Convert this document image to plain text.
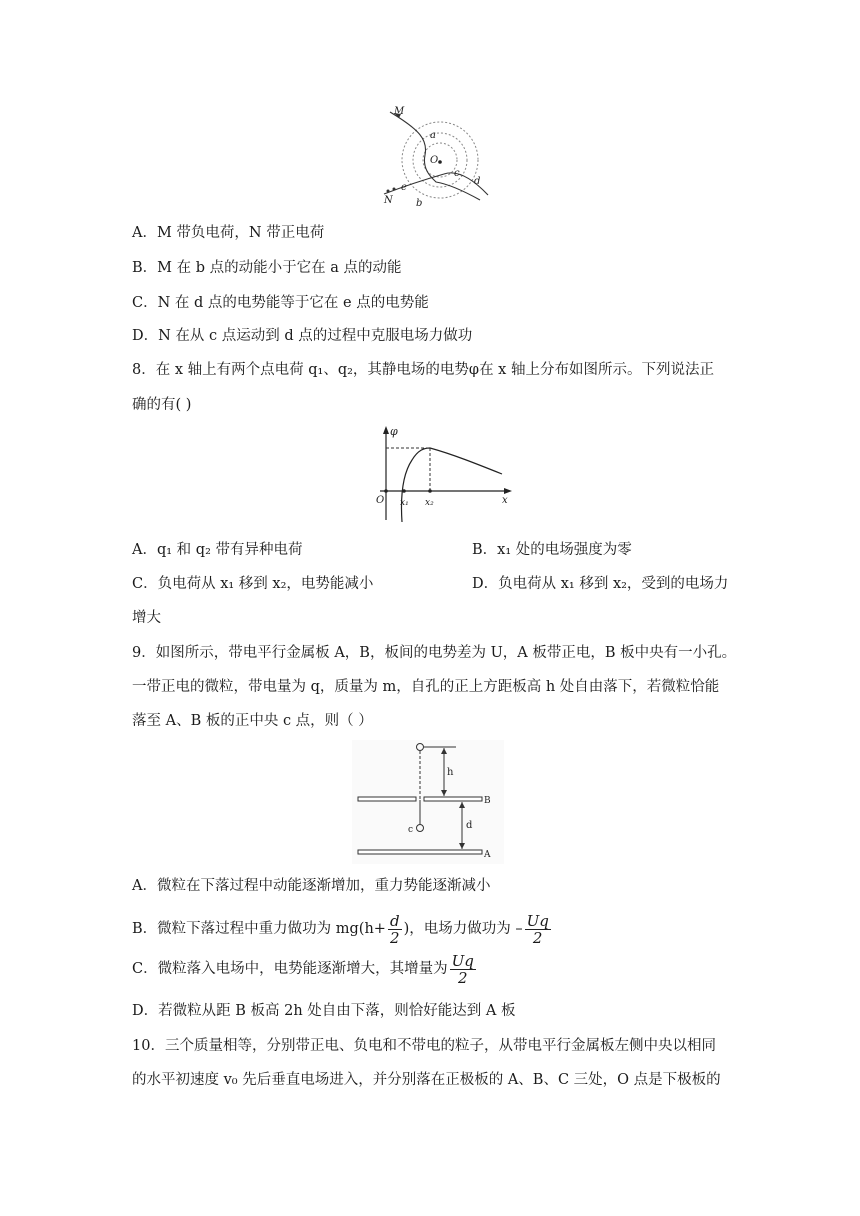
M
N
O
a
b
c
d
e
A．M 带负电荷，N 带正电荷
B．M 在 b 点的动能小于它在 a 点的动能
C．N 在 d 点的电势能等于它在 e 点的电势能
D．N 在从 c 点运动到 d 点的过程中克服电场力做功
8．在 x 轴上有两个点电荷 q₁、q₂，其静电场的电势φ在 x 轴上分布如图所示。下列说法正
确的有( )
φ
O x₁ x₂	x
A．q₁ 和 q₂ 带有异种电荷	B．x₁ 处的电场强度为零
C．负电荷从 x₁ 移到 x₂，电势能减小	D．负电荷从 x₁ 移到 x₂，受到的电场力
增大
9．如图所示，带电平行金属板 A，B，板间的电势差为 U，A 板带正电，B 板中央有一小孔。
一带正电的微粒，带电量为 q，质量为 m，自孔的正上方距板高 h 处自由落下，若微粒恰能
落至 A、B 板的正中央 c 点，则（ ）
h
d
B
A
c
A．微粒在下落过程中动能逐渐增加，重力势能逐渐减小
B．微粒下落过程中重力做功为 $mg(h+ \frac{d}{2}$ )，电场力做功为 – $\frac{Uq}{2}$
C．微粒落入电场中，电势能逐渐增大，其增量为 $\frac{Uq}{2}$
D．若微粒从距 B 板高 2h 处自由下落，则恰好能达到 A 板
10．三个质量相等，分别带正电、负电和不带电的粒子，从带电平行金属板左侧中央以相同
的水平初速度 v₀ 先后垂直电场进入，并分别落在正极板的 A、B、C 三处，O 点是下极板的
